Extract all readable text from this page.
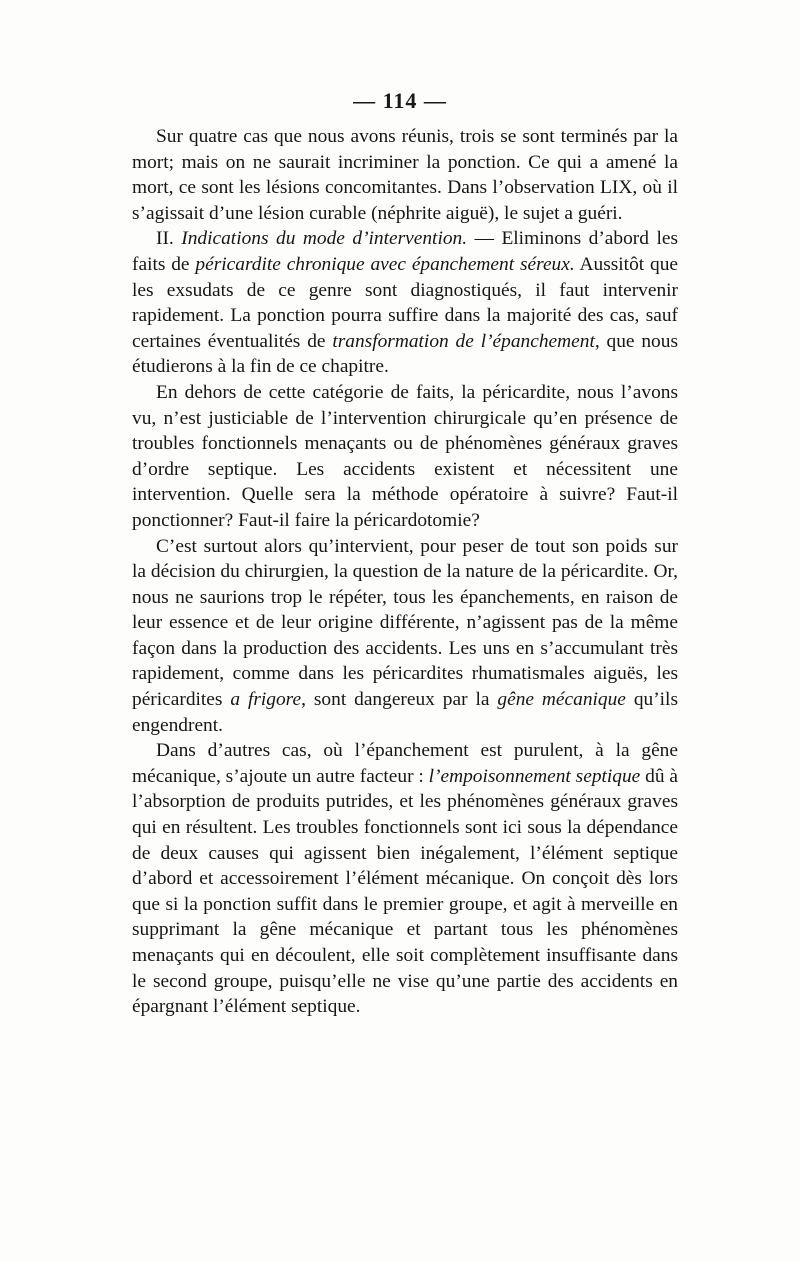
— 114 —

Sur quatre cas que nous avons réunis, trois se sont terminés par la mort; mais on ne saurait incriminer la ponction. Ce qui a amené la mort, ce sont les lésions concomitantes. Dans l’observation LIX, où il s’agissait d’une lésion curable (néphrite aiguë), le sujet a guéri.

II. Indications du mode d’intervention. — Eliminons d’abord les faits de péricardite chronique avec épanchement séreux. Aussitôt que les exsudats de ce genre sont diagnostiqués, il faut intervenir rapidement. La ponction pourra suffire dans la majorité des cas, sauf certaines éventualités de transformation de l’épanchement, que nous étudierons à la fin de ce chapitre.

En dehors de cette catégorie de faits, la péricardite, nous l’avons vu, n’est justiciable de l’intervention chirurgicale qu’en présence de troubles fonctionnels menaçants ou de phénomènes généraux graves d’ordre septique. Les accidents existent et nécessitent une intervention. Quelle sera la méthode opératoire à suivre? Faut-il ponctionner? Faut-il faire la péricardotomie?

C’est surtout alors qu’intervient, pour peser de tout son poids sur la décision du chirurgien, la question de la nature de la péricardite. Or, nous ne saurions trop le répéter, tous les épanchements, en raison de leur essence et de leur origine différente, n’agissent pas de la même façon dans la production des accidents. Les uns en s’accumulant très rapidement, comme dans les péricardites rhumatismales aiguës, les péricardites a frigore, sont dangereux par la gêne mécanique qu’ils engendrent.

Dans d’autres cas, où l’épanchement est purulent, à la gêne mécanique, s’ajoute un autre facteur : l’empoisonnement septique dû à l’absorption de produits putrides, et les phénomènes généraux graves qui en résultent. Les troubles fonctionnels sont ici sous la dépendance de deux causes qui agissent bien inégalement, l’élément septique d’abord et accessoirement l’élément mécanique. On conçoit dès lors que si la ponction suffit dans le premier groupe, et agit à merveille en supprimant la gêne mécanique et partant tous les phénomènes menaçants qui en découlent, elle soit complètement insuffisante dans le second groupe, puisqu’elle ne vise qu’une partie des accidents en épargnant l’élément septique.
